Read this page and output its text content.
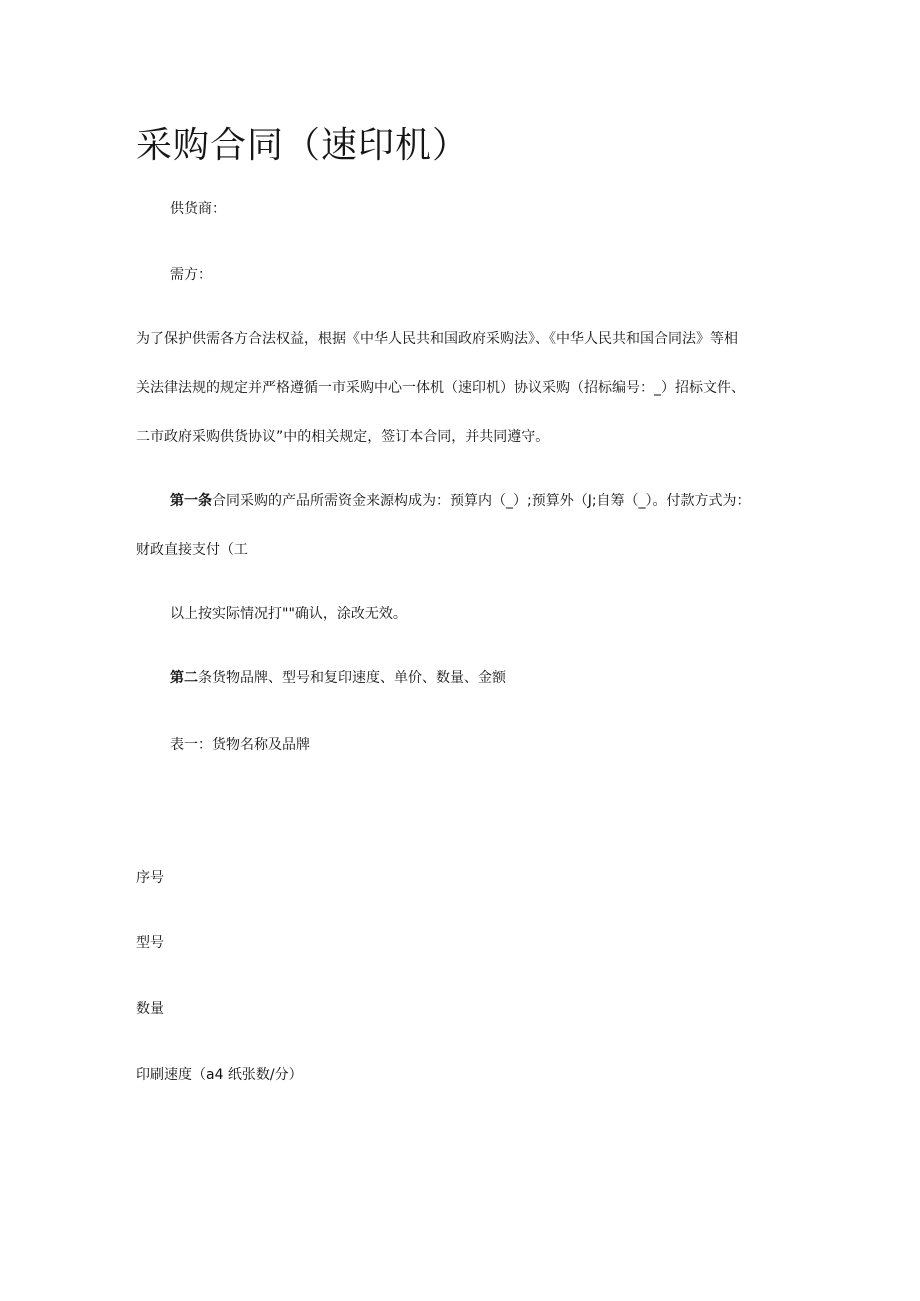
采购合同（速印机）
供货商：
需方：
为了保护供需各方合法权益，根据《中华人民共和国政府采购法》、《中华人民共和国合同法》等相
关法律法规的规定并严格遵循一市采购中心一体机（速印机）协议采购（招标编号：_）招标文件、
二市政府采购供货协议”中的相关规定，签订本合同，并共同遵守。
第一条合同采购的产品所需资金来源构成为：预算内（_）;预算外（J;自筹（_）。付款方式为：
财政直接支付（工
以上按实际情况打""确认，涂改无效。
第二条货物品牌、型号和复印速度、单价、数量、金额
表一：货物名称及品牌
序号
型号
数量
印刷速度（a4 纸张数/分）
